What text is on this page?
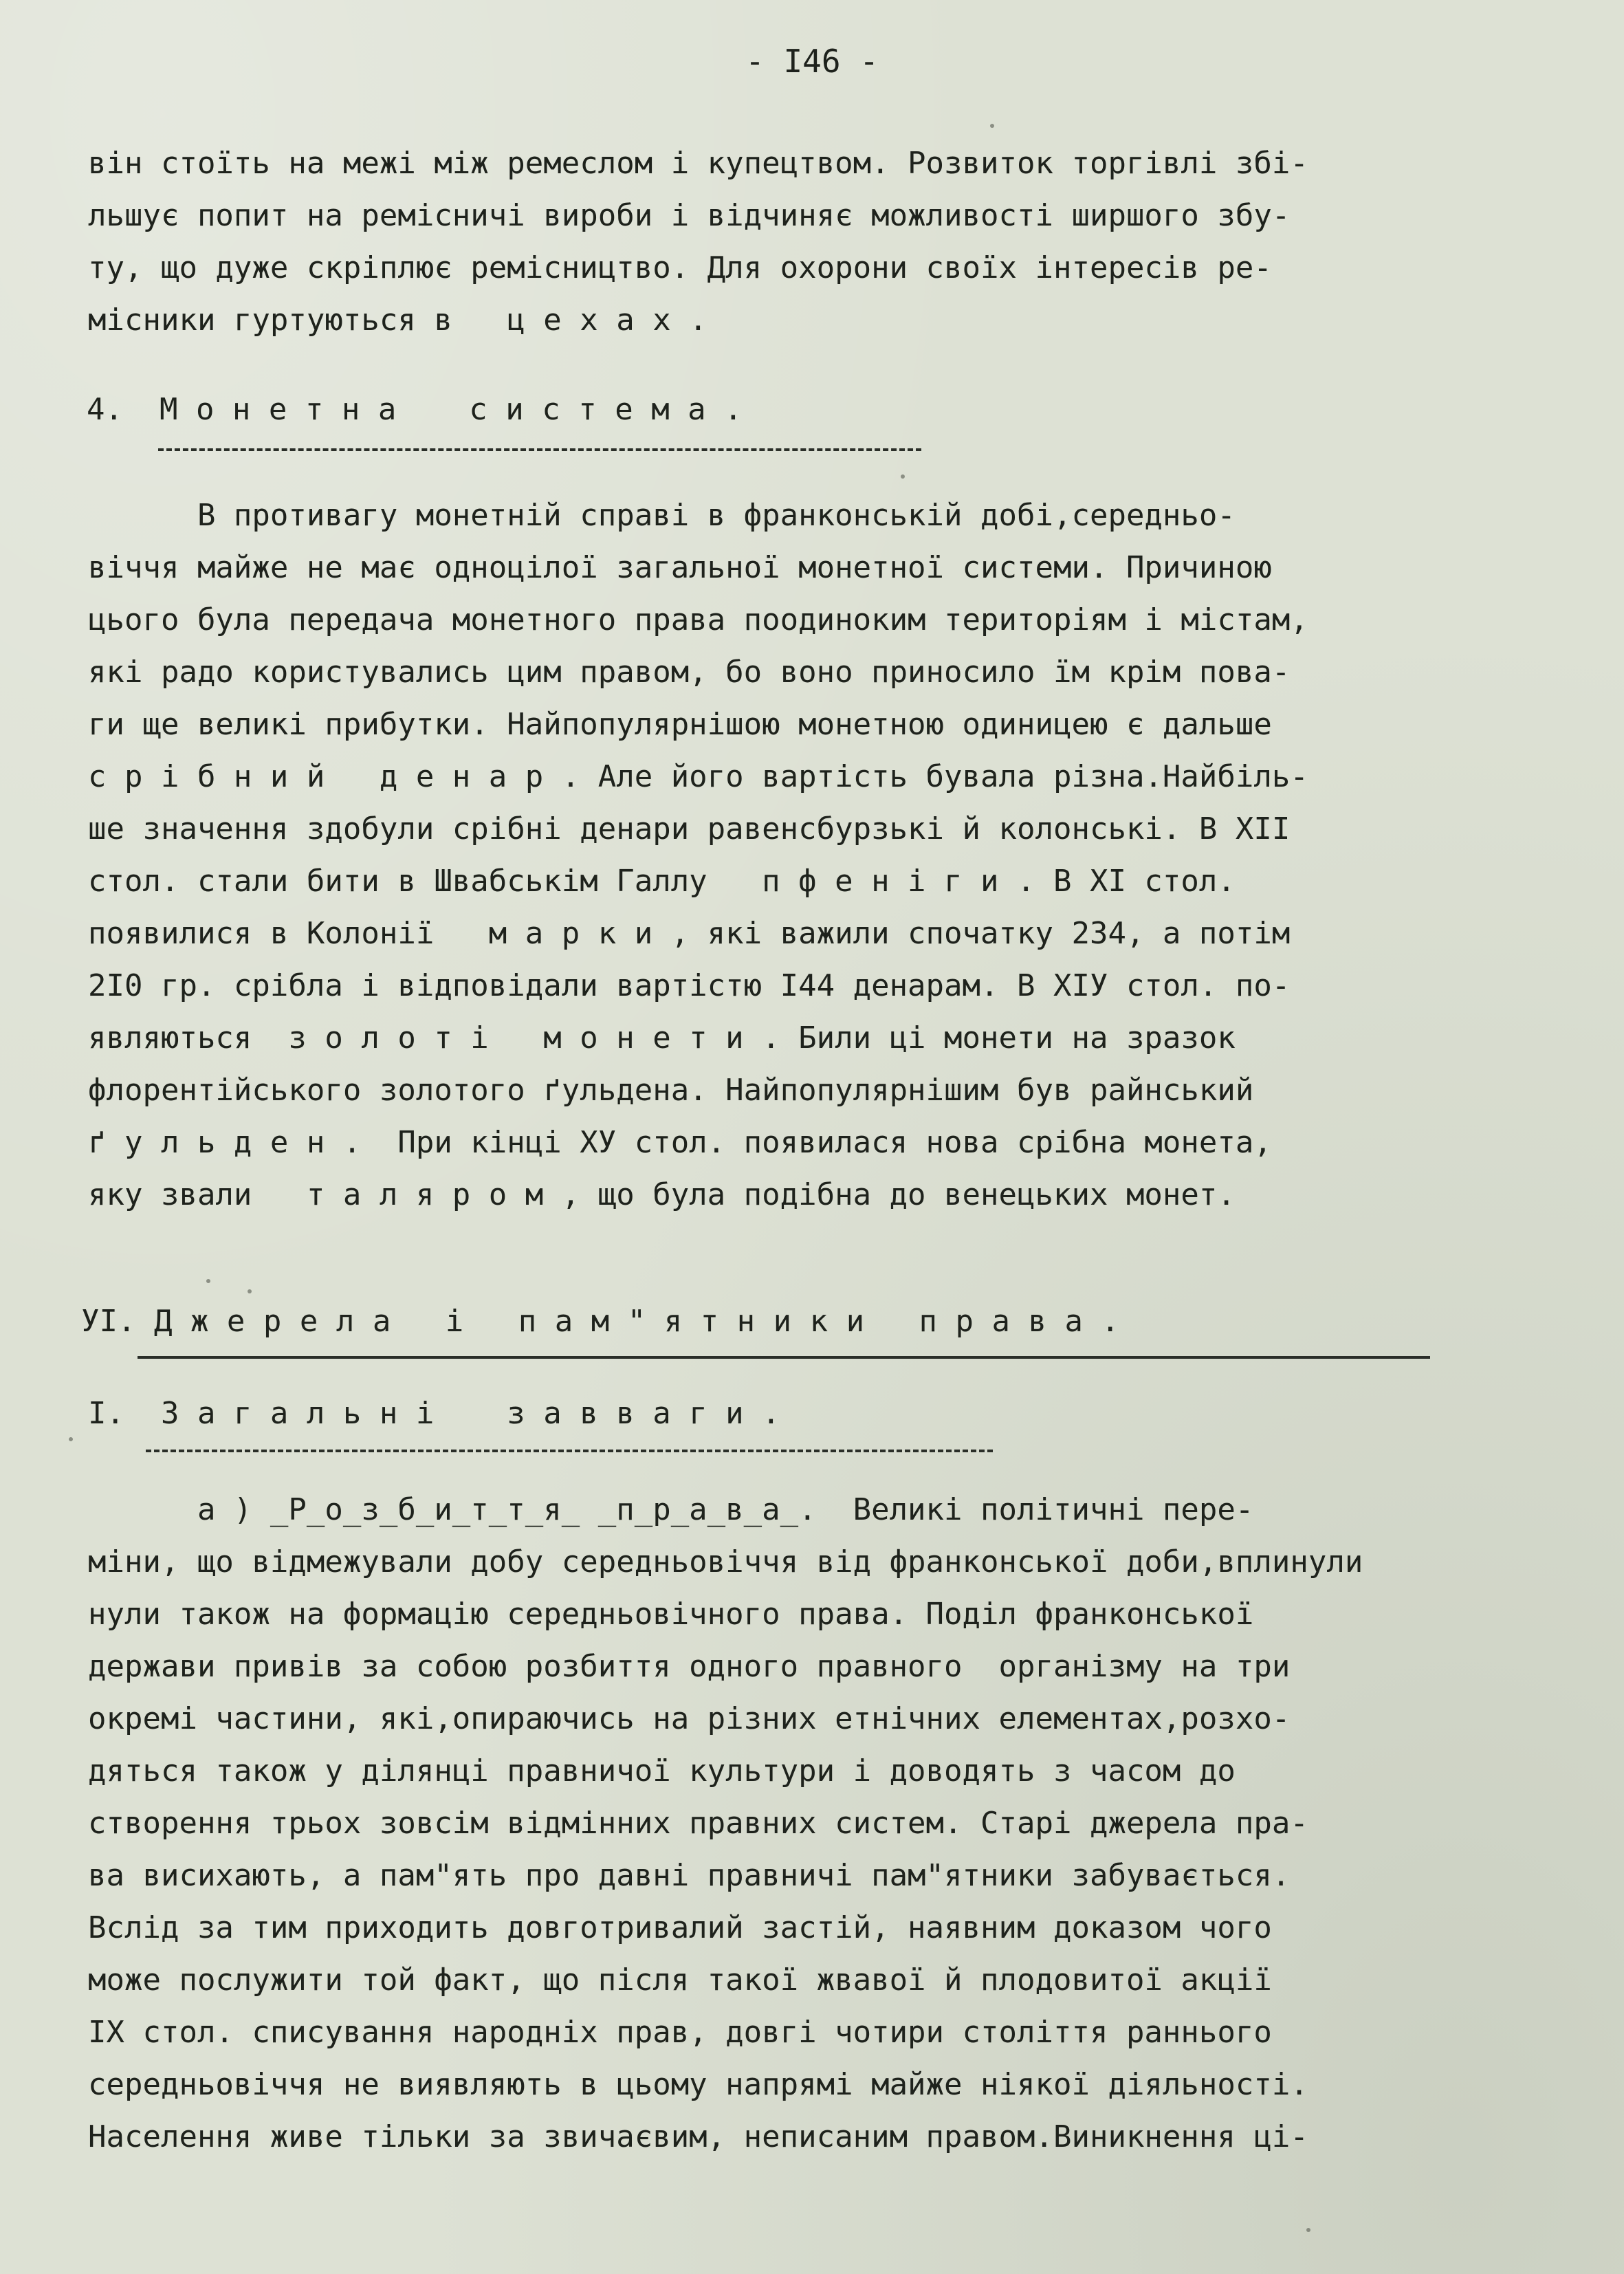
- I46 -
він стоїть на межі між ремеслом і купецтвом. Розвиток торгівлі збі-
льшує попит на ремісничі вироби і відчиняє можливості ширшого збу-
ту, що дуже скріплює ремісництво. Для охорони своїх інтересів ре-
місники гуртуються в   ц е х а х .
4.  М о н е т н а    с и с т е м а .
В противагу монетній справі в франконській добі,середньо-
віччя майже не має одноцілої загальної монетної системи. Причиною
цього була передача монетного права поодиноким територіям і містам,
які радо користувались цим правом, бо воно приносило їм крім пова-
ги ще великі прибутки. Найпопулярнішою монетною одиницею є дальше
с р і б н и й   д е н а р . Але його вартість бувала різна.Найбіль-
ше значення здобули срібні денари равенсбурзькі й колонські. В XII
стол. стали бити в Швабськім Галлу   п ф е н і г и . В XI стол.
появилися в Колонії   м а р к и , які важили спочатку 234, а потім
2I0 гр. срібла і відповідали вартістю I44 денарам. В XIУ стол. по-
являються  з о л о т і   м о н е т и . Били ці монети на зразок
флорентійського золотого ґульдена. Найпопулярнішим був райнський
ґ у л ь д е н .  При кінці XУ стол. появилася нова срібна монета,
яку звали   т а л я р о м , що була подібна до венецьких монет.
УІ. Д ж е р е л а   і   п а м " я т н и к и   п р а в а .
І.  З а г а л ь н і    з а в в а г и .
а ) _Р_о_з_б_и_т_т_я_ _п_р_а_в_а_.  Великі політичні пере-
міни, що відмежували добу середньовіччя від франконської доби,вплинули
нули також на формацію середньовічного права. Поділ франконської
держави привів за собою розбиття одного правного  організму на три
окремі частини, які,опираючись на різних етнічних елементах,розхо-
дяться також у ділянці правничої культури і доводять з часом до
створення трьох зовсім відмінних правних систем. Старі джерела пра-
ва висихають, а пам"ять про давні правничі пам"ятники забувається.
Вслід за тим приходить довготривалий застій, наявним доказом чого
може послужити той факт, що після такої жвавої й плодовитої акції
IX стол. списування народніх прав, довгі чотири століття раннього
середньовіччя не виявляють в цьому напрямі майже ніякої діяльності.
Населення живе тільки за звичаєвим, неписаним правом.Виникнення ці-
